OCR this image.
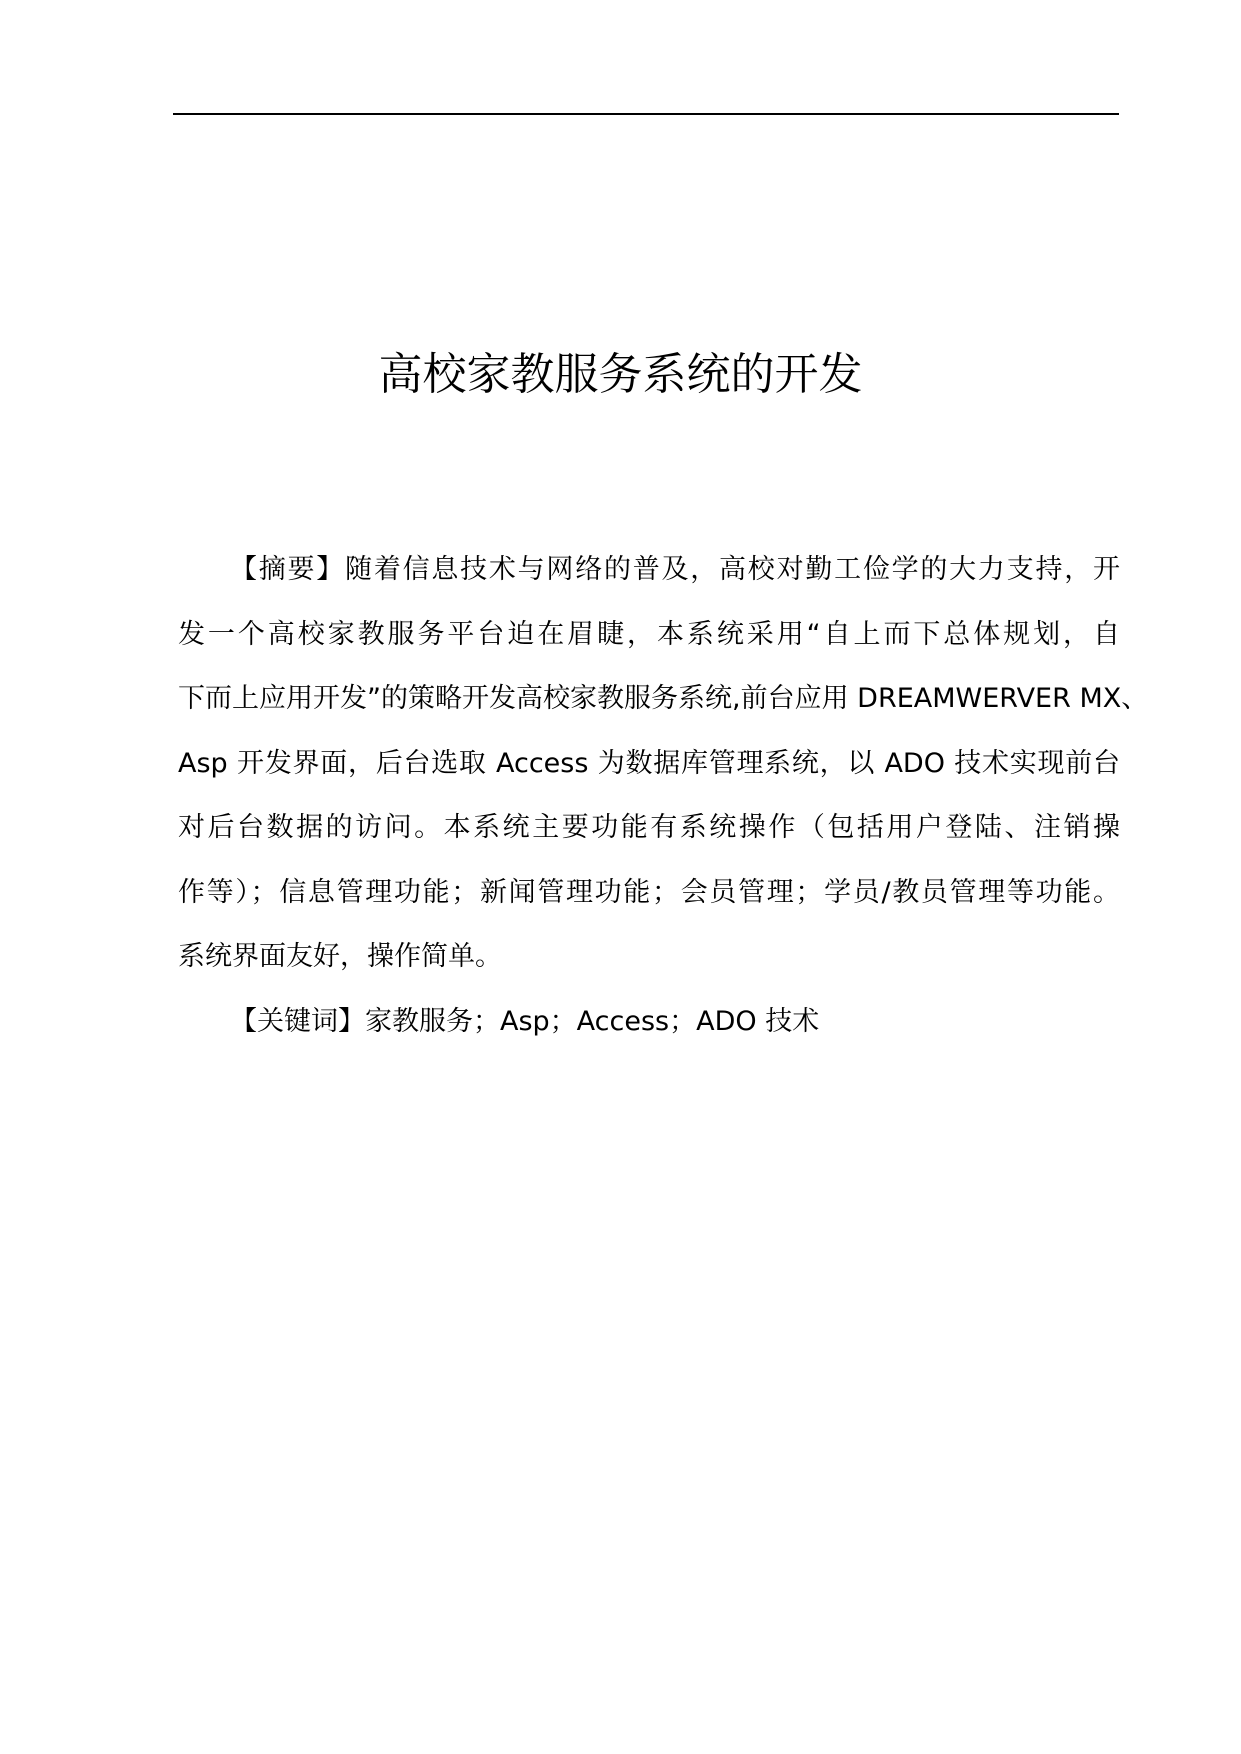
高校家教服务系统的开发
【摘要】随着信息技术与网络的普及，高校对勤工俭学的大力支持，开
发一个高校家教服务平台迫在眉睫，本系统采用“自上而下总体规划，自
下而上应用开发”的策略开发高校家教服务系统,前台应用 DREAMWERVER MX、
Asp 开发界面，后台选取 Access 为数据库管理系统，以 ADO 技术实现前台
对后台数据的访问。本系统主要功能有系统操作（包括用户登陆、注销操
作等）；信息管理功能；新闻管理功能；会员管理；学员/教员管理等功能。
系统界面友好，操作简单。

【关键词】家教服务；Asp；Access；ADO 技术
